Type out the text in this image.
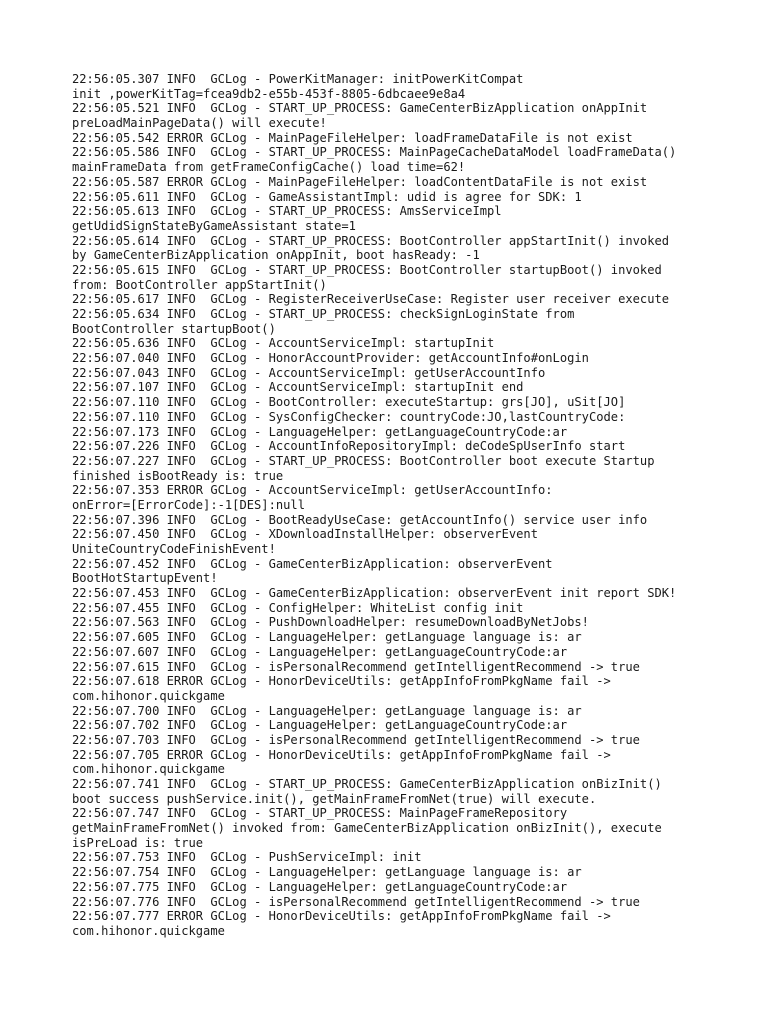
22:56:05.307 INFO  GCLog - PowerKitManager: initPowerKitCompat
init ,powerKitTag=fcea9db2-e55b-453f-8805-6dbcaee9e8a4
22:56:05.521 INFO  GCLog - START_UP_PROCESS: GameCenterBizApplication onAppInit
preLoadMainPageData() will execute!
22:56:05.542 ERROR GCLog - MainPageFileHelper: loadFrameDataFile is not exist
22:56:05.586 INFO  GCLog - START_UP_PROCESS: MainPageCacheDataModel loadFrameData()
mainFrameData from getFrameConfigCache() load time=62!
22:56:05.587 ERROR GCLog - MainPageFileHelper: loadContentDataFile is not exist
22:56:05.611 INFO  GCLog - GameAssistantImpl: udid is agree for SDK: 1
22:56:05.613 INFO  GCLog - START_UP_PROCESS: AmsServiceImpl
getUdidSignStateByGameAssistant state=1
22:56:05.614 INFO  GCLog - START_UP_PROCESS: BootController appStartInit() invoked
by GameCenterBizApplication onAppInit, boot hasReady: -1
22:56:05.615 INFO  GCLog - START_UP_PROCESS: BootController startupBoot() invoked
from: BootController appStartInit()
22:56:05.617 INFO  GCLog - RegisterReceiverUseCase: Register user receiver execute
22:56:05.634 INFO  GCLog - START_UP_PROCESS: checkSignLoginState from
BootController startupBoot()
22:56:05.636 INFO  GCLog - AccountServiceImpl: startupInit
22:56:07.040 INFO  GCLog - HonorAccountProvider: getAccountInfo#onLogin
22:56:07.043 INFO  GCLog - AccountServiceImpl: getUserAccountInfo
22:56:07.107 INFO  GCLog - AccountServiceImpl: startupInit end
22:56:07.110 INFO  GCLog - BootController: executeStartup: grs[JO], uSit[JO]
22:56:07.110 INFO  GCLog - SysConfigChecker: countryCode:JO,lastCountryCode:
22:56:07.173 INFO  GCLog - LanguageHelper: getLanguageCountryCode:ar
22:56:07.226 INFO  GCLog - AccountInfoRepositoryImpl: deCodeSpUserInfo start
22:56:07.227 INFO  GCLog - START_UP_PROCESS: BootController boot execute Startup
finished isBootReady is: true
22:56:07.353 ERROR GCLog - AccountServiceImpl: getUserAccountInfo:
onError=[ErrorCode]:-1[DES]:null
22:56:07.396 INFO  GCLog - BootReadyUseCase: getAccountInfo() service user info
22:56:07.450 INFO  GCLog - XDownloadInstallHelper: observerEvent
UniteCountryCodeFinishEvent!
22:56:07.452 INFO  GCLog - GameCenterBizApplication: observerEvent
BootHotStartupEvent!
22:56:07.453 INFO  GCLog - GameCenterBizApplication: observerEvent init report SDK!
22:56:07.455 INFO  GCLog - ConfigHelper: WhiteList config init
22:56:07.563 INFO  GCLog - PushDownloadHelper: resumeDownloadByNetJobs!
22:56:07.605 INFO  GCLog - LanguageHelper: getLanguage language is: ar
22:56:07.607 INFO  GCLog - LanguageHelper: getLanguageCountryCode:ar
22:56:07.615 INFO  GCLog - isPersonalRecommend getIntelligentRecommend -> true
22:56:07.618 ERROR GCLog - HonorDeviceUtils: getAppInfoFromPkgName fail ->
com.hihonor.quickgame
22:56:07.700 INFO  GCLog - LanguageHelper: getLanguage language is: ar
22:56:07.702 INFO  GCLog - LanguageHelper: getLanguageCountryCode:ar
22:56:07.703 INFO  GCLog - isPersonalRecommend getIntelligentRecommend -> true
22:56:07.705 ERROR GCLog - HonorDeviceUtils: getAppInfoFromPkgName fail ->
com.hihonor.quickgame
22:56:07.741 INFO  GCLog - START_UP_PROCESS: GameCenterBizApplication onBizInit()
boot success pushService.init(), getMainFrameFromNet(true) will execute.
22:56:07.747 INFO  GCLog - START_UP_PROCESS: MainPageFrameRepository
getMainFrameFromNet() invoked from: GameCenterBizApplication onBizInit(), execute
isPreLoad is: true
22:56:07.753 INFO  GCLog - PushServiceImpl: init
22:56:07.754 INFO  GCLog - LanguageHelper: getLanguage language is: ar
22:56:07.775 INFO  GCLog - LanguageHelper: getLanguageCountryCode:ar
22:56:07.776 INFO  GCLog - isPersonalRecommend getIntelligentRecommend -> true
22:56:07.777 ERROR GCLog - HonorDeviceUtils: getAppInfoFromPkgName fail ->
com.hihonor.quickgame
